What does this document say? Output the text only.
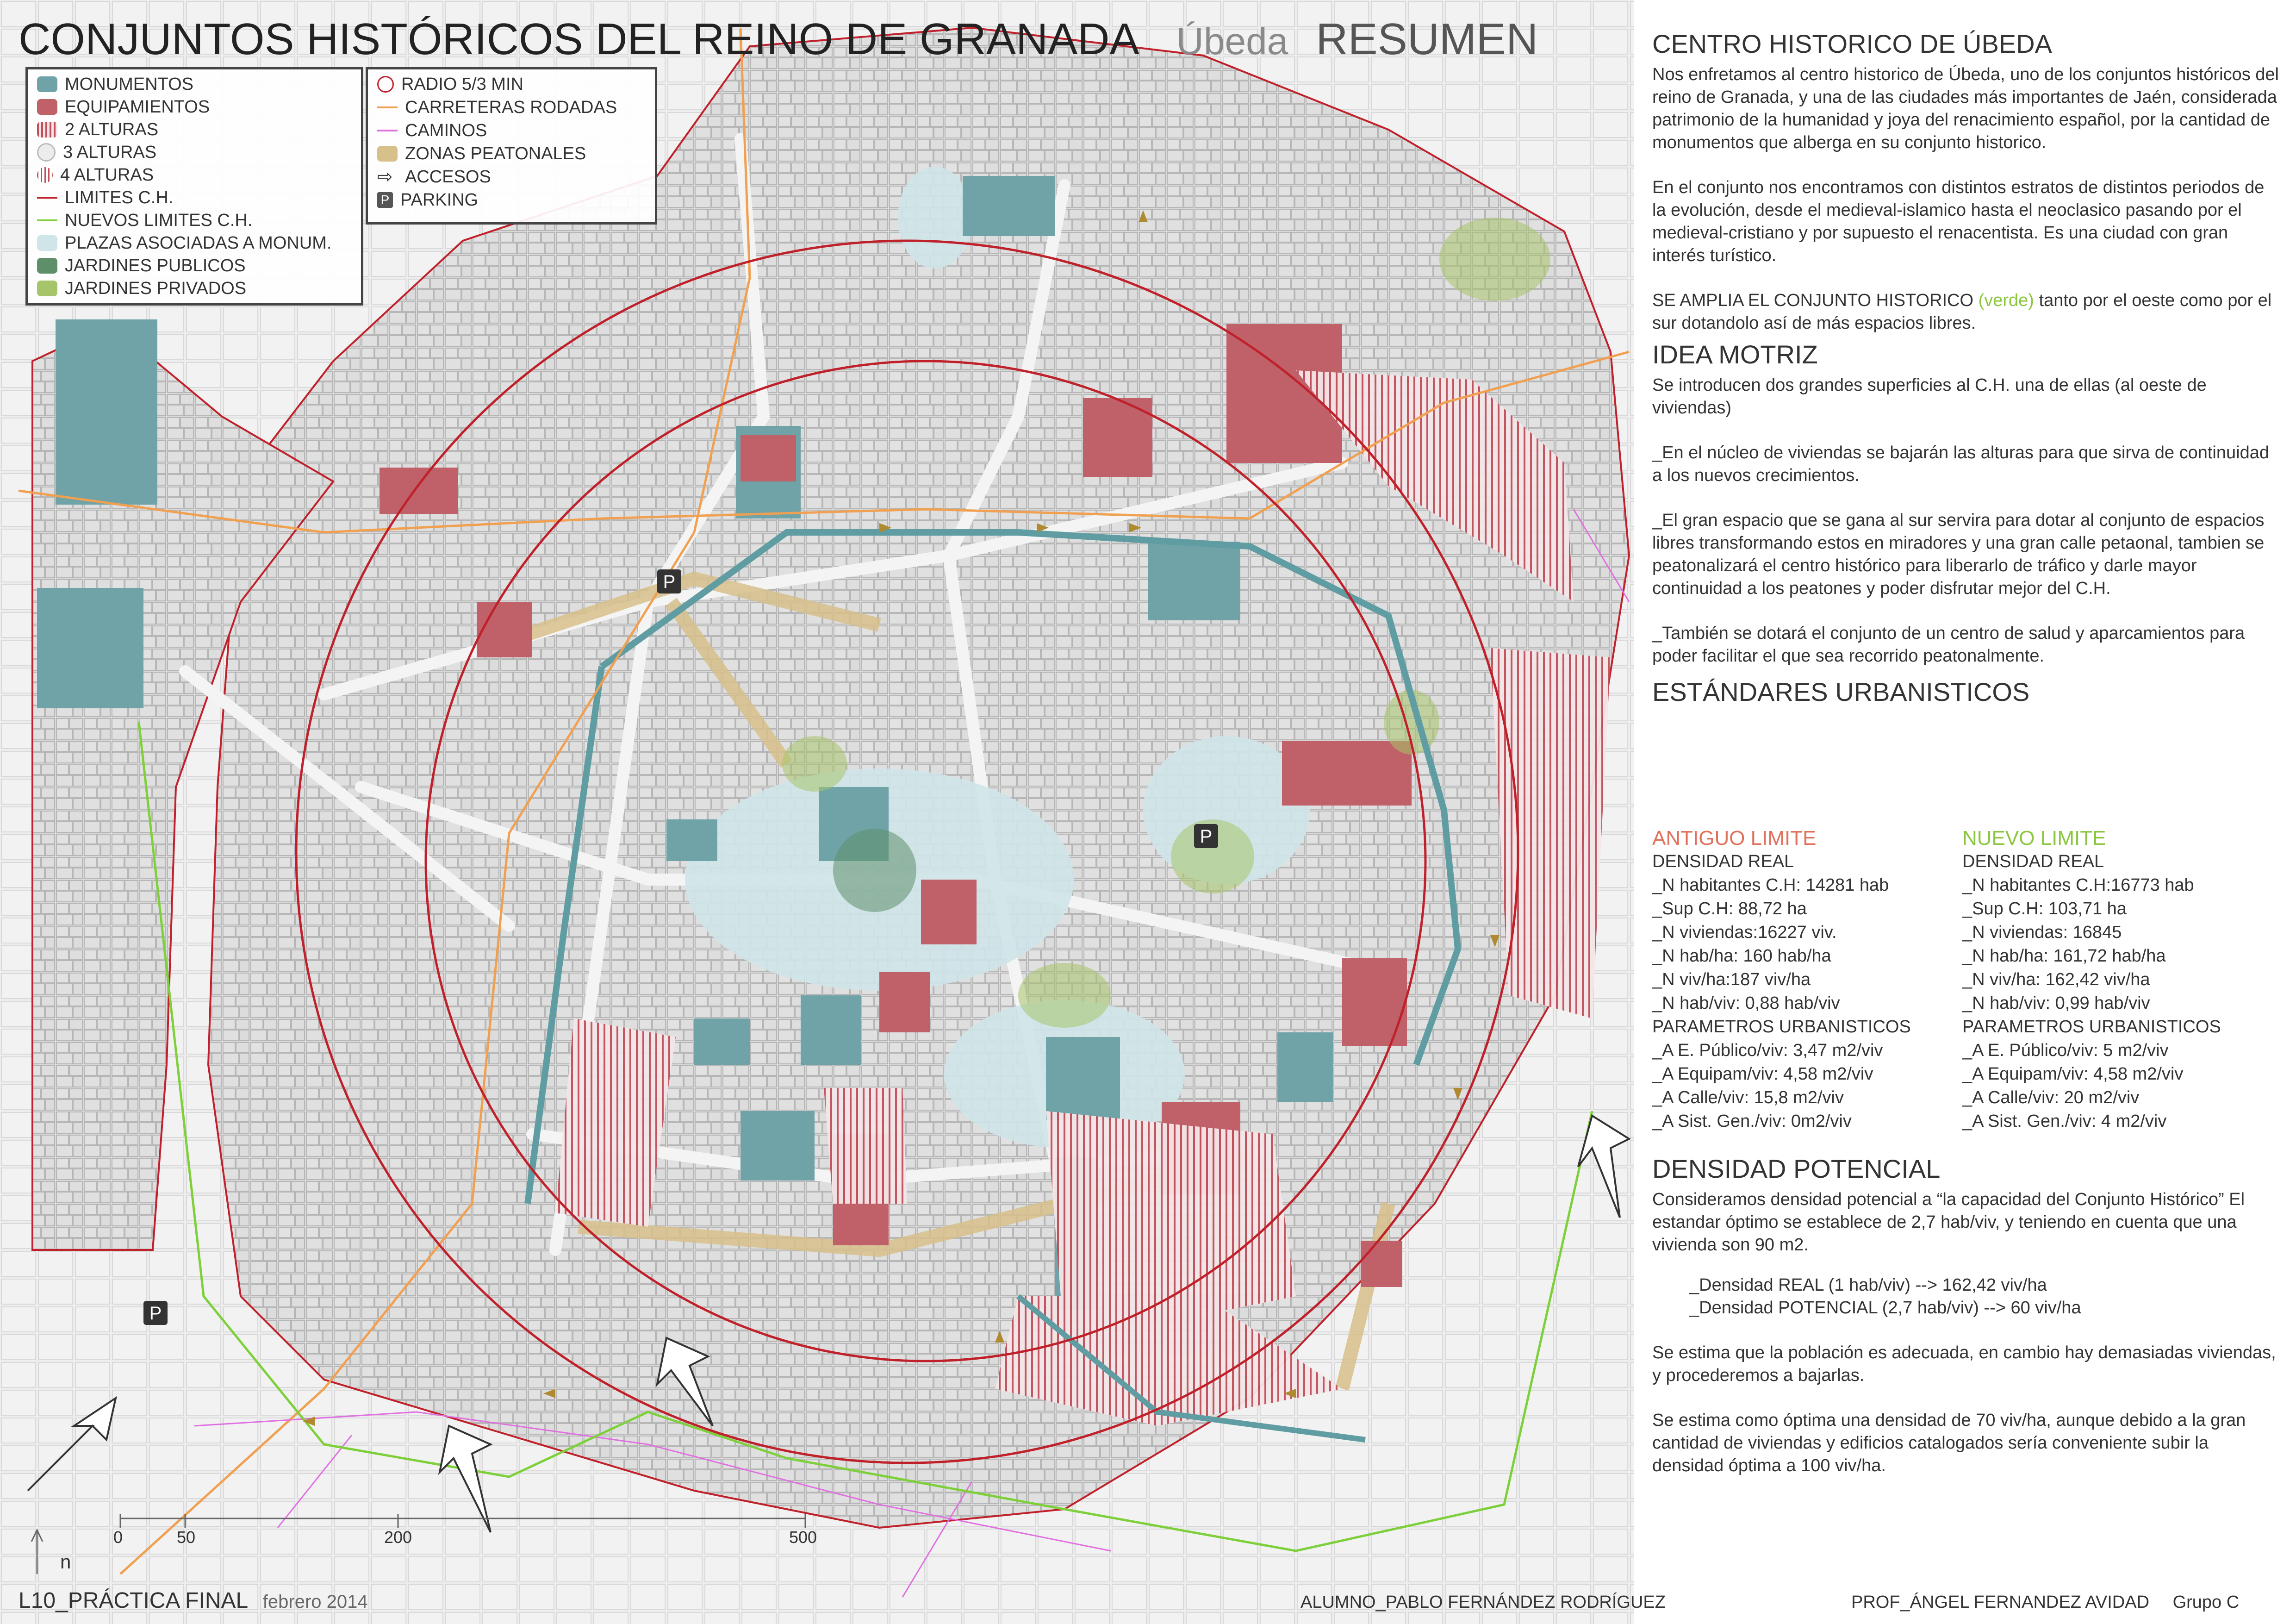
P
P
P
CONJUNTOS HISTÓRICOS DEL REINO DE GRANADA Úbeda RESUMEN
MONUMENTOS
EQUIPAMIENTOS
2 ALTURAS
3 ALTURAS
4 ALTURAS
LIMITES C.H.
NUEVOS LIMITES C.H.
PLAZAS ASOCIADAS A MONUM.
JARDINES PUBLICOS
JARDINES PRIVADOS
RADIO 5/3 MIN
CARRETERAS RODADAS
CAMINOS
ZONAS PEATONALES
⇨ ACCESOS
P PARKING
CENTRO HISTORICO DE ÚBEDA

Nos enfretamos al centro historico de Úbeda, uno de los conjuntos históricos del reino de Granada, y una de las ciudades más importantes de Jaén, considerada patrimonio de la humanidad y joya del renacimiento español, por la cantidad de monumentos que alberga en su conjunto historico.

En el conjunto nos encontramos con distintos estratos de distintos periodos de la evolución, desde el medieval-islamico hasta el neoclasico pasando por el medieval-cristiano y por supuesto el renacentista. Es una ciudad con gran interés turístico.

SE AMPLIA EL CONJUNTO HISTORICO (verde) tanto por el oeste como por el sur dotandolo así de más espacios libres.

IDEA MOTRIZ

Se introducen dos grandes superficies al C.H. una de ellas (al oeste de viviendas)

_En el núcleo de viviendas se bajarán las alturas para que sirva de continuidad a los nuevos crecimientos.

_El gran espacio que se gana al sur servira para dotar al conjunto de espacios libres transformando estos en miradores y una gran calle petaonal, tambien se peatonalizará el centro histórico para liberarlo de tráfico y darle mayor continuidad a los peatones y poder disfrutar mejor del C.H.

_También se dotará el conjunto de un centro de salud y aparcamientos para poder facilitar el que sea recorrido peatonalmente.

ESTÁNDARES URBANISTICOS
ANTIGUO LIMITE
DENSIDAD REAL
_N habitantes C.H: 14281 hab
_Sup C.H: 88,72 ha
_N viviendas:16227 viv.
_N hab/ha: 160 hab/ha
_N viv/ha:187 viv/ha
_N hab/viv: 0,88 hab/viv
PARAMETROS URBANISTICOS
_A E. Público/viv: 3,47 m2/viv
_A Equipam/viv: 4,58 m2/viv
_A Calle/viv: 15,8 m2/viv
_A Sist. Gen./viv: 0m2/viv
NUEVO LIMITE
DENSIDAD REAL
_N habitantes C.H:16773 hab
_Sup C.H: 103,71 ha
_N viviendas: 16845
_N hab/ha: 161,72 hab/ha
_N viv/ha: 162,42 viv/ha
_N hab/viv: 0,99 hab/viv
PARAMETROS URBANISTICOS
_A E. Público/viv: 5 m2/viv
_A Equipam/viv: 4,58 m2/viv
_A Calle/viv: 20 m2/viv
_A Sist. Gen./viv: 4 m2/viv
DENSIDAD POTENCIAL

Consideramos densidad potencial a “la capacidad del Conjunto Histórico” El estandar óptimo se establece de 2,7 hab/viv, y teniendo en cuenta que una vivienda son 90 m2.

_Densidad REAL (1 hab/viv) --> 162,42 viv/ha
_Densidad POTENCIAL (2,7 hab/viv) --> 60 viv/ha

Se estima que la población es adecuada, en cambio hay demasiadas viviendas, y procederemos a bajarlas.

Se estima como óptima una densidad de 70 viv/ha, aunque debido a la gran cantidad de viviendas y edificios catalogados sería conveniente subir la densidad óptima a 100 viv/ha.

0	50	200	500
n
L10_PRÁCTICA FINAL febrero 2014	ALUMNO_PABLO FERNÁNDEZ RODRÍGUEZ	PROF_ÁNGEL FERNANDEZ AVIDAD Grupo C
